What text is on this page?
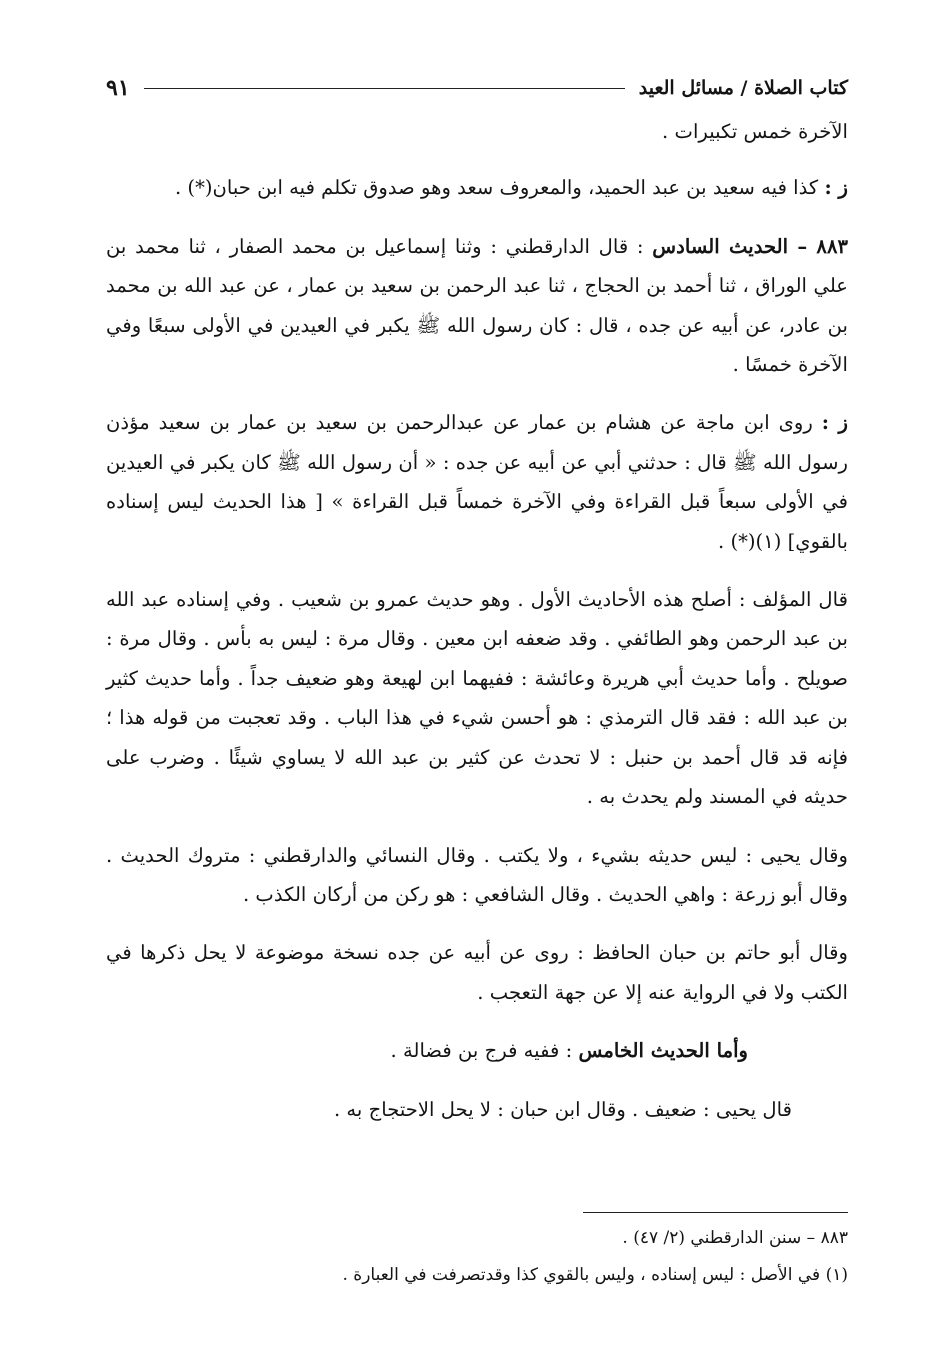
كتاب الصلاة / مسائل العيد
٩١

الآخرة خمس تكبيرات .

ز : كذا فيه سعيد بن عبد الحميد، والمعروف سعد وهو صدوق تكلم فيه ابن حبان(*) .

٨٨٣ – الحديث السادس : قال الدارقطني : وثنا إسماعيل بن محمد الصفار ، ثنا محمد بن علي الوراق ، ثنا أحمد بن الحجاج ، ثنا عبد الرحمن بن سعيد بن عمار ، عن عبد الله بن محمد بن عادر، عن أبيه عن جده ، قال : كان رسول الله ﷺ يكبر في العيدين في الأولى سبعًا وفي الآخرة خمسًا .

ز : روى ابن ماجة عن هشام بن عمار عن عبدالرحمن بن سعيد بن عمار بن سعيد مؤذن رسول الله ﷺ قال : حدثني أبي عن أبيه عن جده : « أن رسول الله ﷺ كان يكبر في العيدين في الأولى سبعاً قبل القراءة وفي الآخرة خمساً قبل القراءة » [ هذا الحديث ليس إسناده بالقوي] (١)(*) .

قال المؤلف : أصلح هذه الأحاديث الأول . وهو حديث عمرو بن شعيب . وفي إسناده عبد الله بن عبد الرحمن وهو الطائفي . وقد ضعفه ابن معين . وقال مرة : ليس به بأس . وقال مرة : صويلح . وأما حديث أبي هريرة وعائشة : ففيهما ابن لهيعة وهو ضعيف جداً . وأما حديث كثير بن عبد الله : فقد قال الترمذي : هو أحسن شيء في هذا الباب . وقد تعجبت من قوله هذا ؛ فإنه قد قال أحمد بن حنبل : لا تحدث عن كثير بن عبد الله لا يساوي شيئًا . وضرب على حديثه في المسند ولم يحدث به .

وقال يحيى : ليس حديثه بشيء ، ولا يكتب . وقال النسائي والدارقطني : متروك الحديث . وقال أبو زرعة : واهي الحديث . وقال الشافعي : هو ركن من أركان الكذب .

وقال أبو حاتم بن حبان الحافظ : روى عن أبيه عن جده نسخة موضوعة لا يحل ذكرها في الكتب ولا في الرواية عنه إلا عن جهة التعجب .

وأما الحديث الخامس : ففيه فرج بن فضالة .

قال يحيى : ضعيف . وقال ابن حبان : لا يحل الاحتجاج به .

٨٨٣ – سنن الدارقطني (٢/ ٤٧) .
(١) في الأصل : ليس إسناده ، وليس بالقوي كذا وقدتصرفت في العبارة .
